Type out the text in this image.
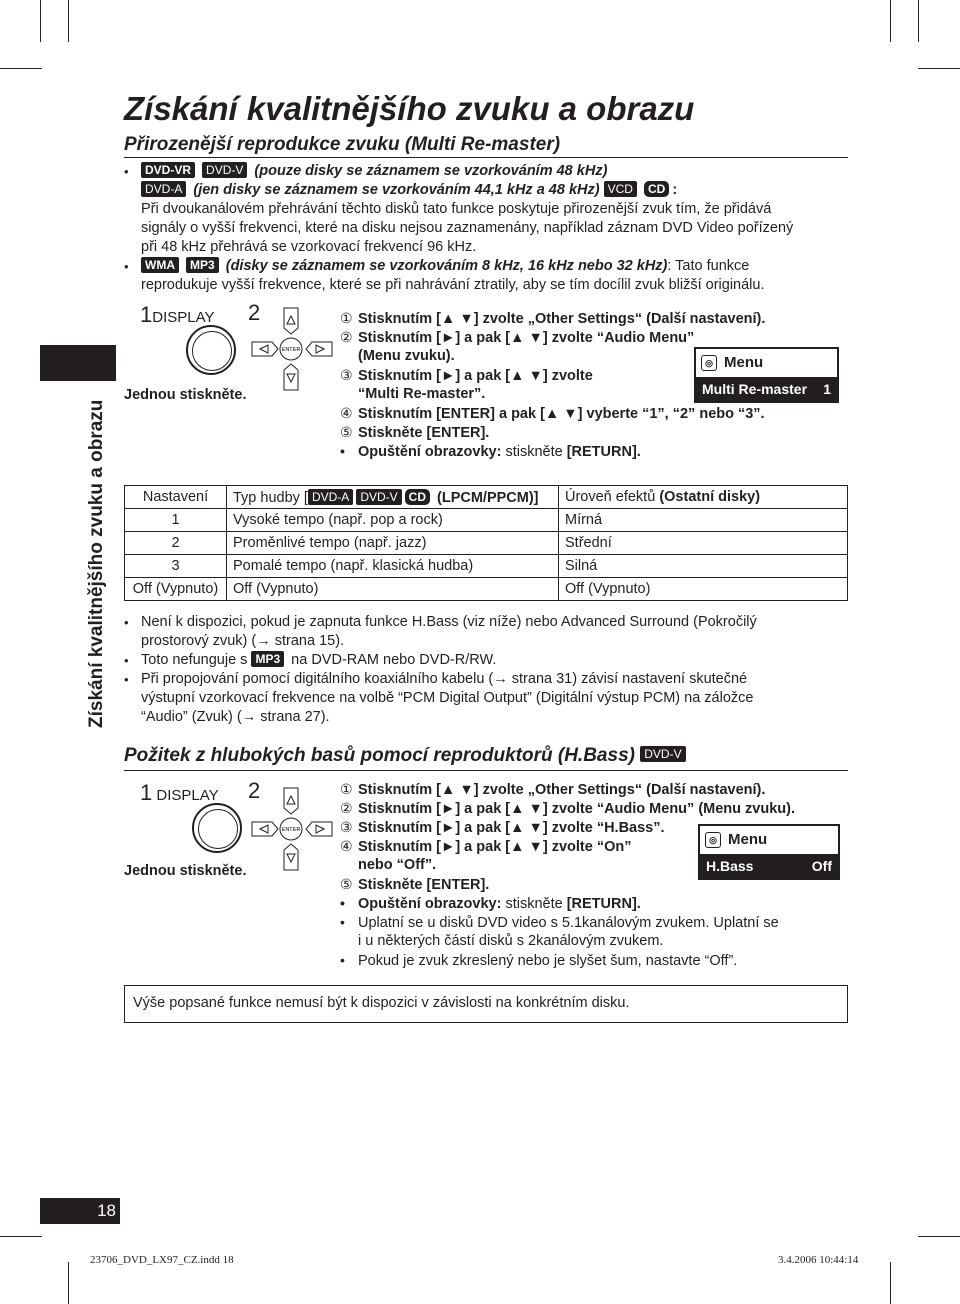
Získání kvalitnějšího zvuku a obrazu
Přirozenější reprodukce zvuku (Multi Re-master)
Získání kvalitnějšího zvuku a obrazu
•	DVD-VR DVD-V (pouze disky se záznamem se vzorkováním 48 kHz)
DVD-A (jen disky se záznamem se vzorkováním 44,1 kHz a 48 kHz) VCD CD :
Při dvoukanálovém přehrávání těchto disků tato funkce poskytuje přirozenější zvuk tím, že přidává
signály o vyšší frekvenci, které na disku nejsou zaznamenány, například záznam DVD Video pořízený
při 48 kHz přehrává se vzorkovací frekvencí 96 kHz.
•	WMA MP3 (disky se záznamem se vzorkováním 8 kHz, 16 kHz nebo 32 kHz): Tato funkce
reprodukuje vyšší frekvence, které se při nahrávání ztratily, aby se tím docílil zvuk bližší originálu.
1DISPLAY 2
Jednou stiskněte.
ENTER
① Stisknutím [▲ ▼] zvolte „Other Settings“ (Další nastavení).
② Stisknutím [►] a pak [▲ ▼] zvolte “Audio Menu”
(Menu zvuku).
③ Stisknutím [►] a pak [▲ ▼] zvolte
“Multi Re-master”.
④ Stisknutím [ENTER] a pak [▲ ▼] vyberte “1”, “2” nebo “3”.
⑤ Stiskněte [ENTER].
• Opuštění obrazovky: stiskněte [RETURN].
◎ Menu
Multi Re-master 1
Nastavení	Typ hudby [ DVD-A DVD-V CD (LPCM/PPCM)]	Úroveň efektů (Ostatní disky)
1	Vysoké tempo (např. pop a rock)	Mírná
2	Proměnlivé tempo (např. jazz)	Střední
3	Pomalé tempo (např. klasická hudba)	Silná
Off (Vypnuto)	Off (Vypnuto)	Off (Vypnuto)
• Není k dispozici, pokud je zapnuta funkce H.Bass (viz níže) nebo Advanced Surround (Pokročilý
prostorový zvuk) (→ strana 15).
• Toto nefunguje s MP3 na DVD-RAM nebo DVD-R/RW.
• Při propojování pomocí digitálního koaxiálního kabelu (→ strana 31) závisí nastavení skutečné
výstupní vzorkovací frekvence na volbě “PCM Digital Output” (Digitální výstup PCM) na záložce
“Audio” (Zvuk) (→ strana 27).
Požitek z hlubokých basů pomocí reproduktorů (H.Bass) DVD-V
1 DISPLAY 2
Jednou stiskněte.
ENTER
① Stisknutím [▲ ▼] zvolte „Other Settings“ (Další nastavení).
② Stisknutím [►] a pak [▲ ▼] zvolte “Audio Menu” (Menu zvuku).
③ Stisknutím [►] a pak [▲ ▼] zvolte “H.Bass”.
④ Stisknutím [►] a pak [▲ ▼] zvolte “On”
nebo “Off”.
⑤ Stiskněte [ENTER].
• Opuštění obrazovky: stiskněte [RETURN].
• Uplatní se u disků DVD video s 5.1kanálovým zvukem. Uplatní se
i u některých částí disků s 2kanálovým zvukem.
• Pokud je zvuk zkreslený nebo je slyšet šum, nastavte “Off”.
◎ Menu
H.Bass	Off
Výše popsané funkce nemusí být k dispozici v závislosti na konkrétním disku.
18
23706_DVD_LX97_CZ.indd 18	3.4.2006 10:44:14
